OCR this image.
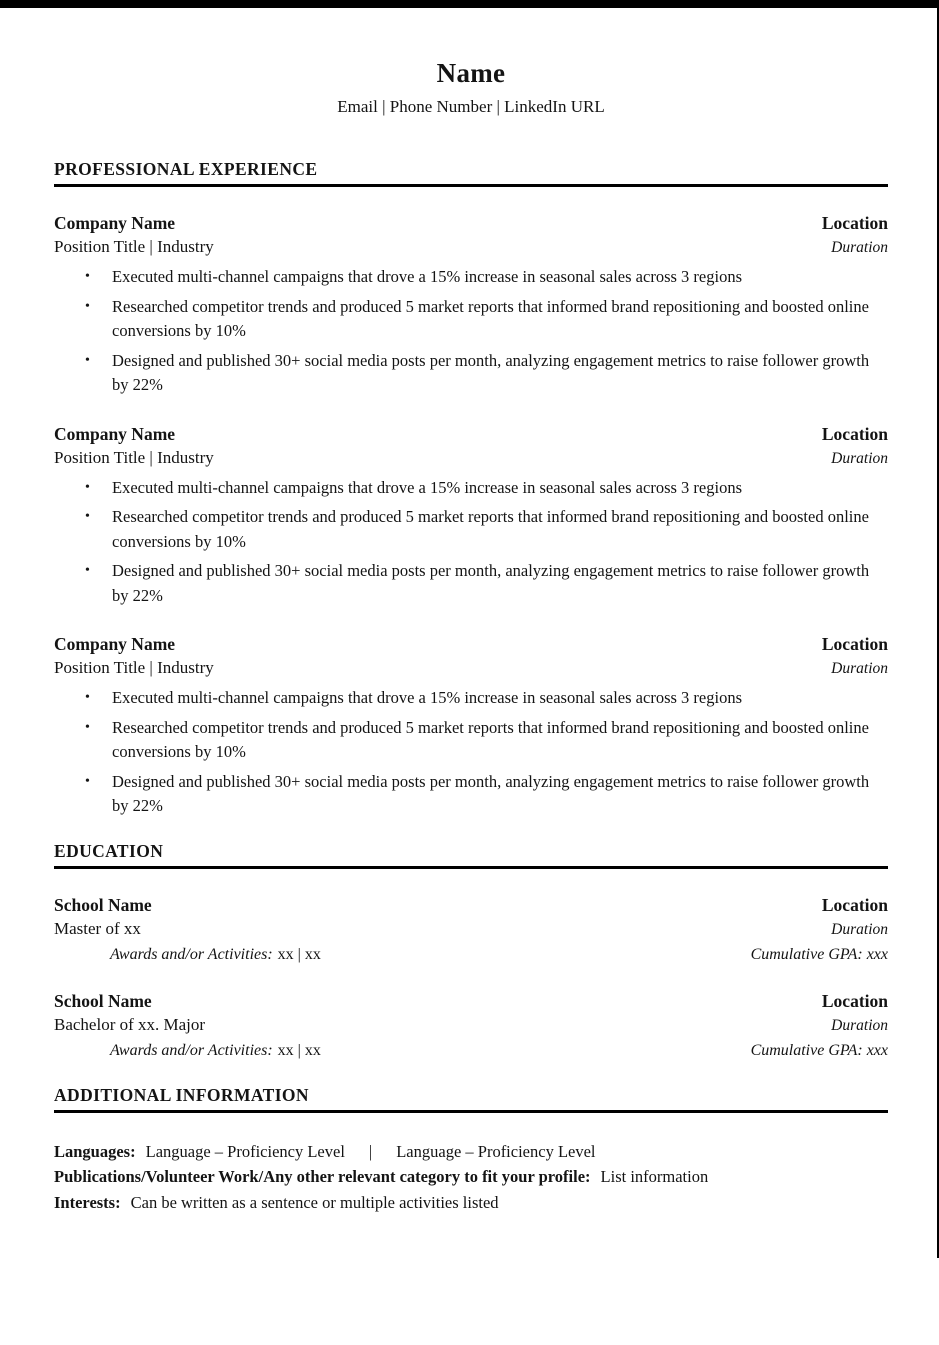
Name
Email | Phone Number | LinkedIn URL
PROFESSIONAL EXPERIENCE
Company Name	Location
Position Title | Industry	Duration
•	Executed multi-channel campaigns that drove a 15% increase in seasonal sales across 3 regions
•	Researched competitor trends and produced 5 market reports that informed brand repositioning and boosted online conversions by 10%
•	Designed and published 30+ social media posts per month, analyzing engagement metrics to raise follower growth by 22%
Company Name	Location
Position Title | Industry	Duration
•	Executed multi-channel campaigns that drove a 15% increase in seasonal sales across 3 regions
•	Researched competitor trends and produced 5 market reports that informed brand repositioning and boosted online conversions by 10%
•	Designed and published 30+ social media posts per month, analyzing engagement metrics to raise follower growth by 22%
Company Name	Location
Position Title | Industry	Duration
•	Executed multi-channel campaigns that drove a 15% increase in seasonal sales across 3 regions
•	Researched competitor trends and produced 5 market reports that informed brand repositioning and boosted online conversions by 10%
•	Designed and published 30+ social media posts per month, analyzing engagement metrics to raise follower growth by 22%
EDUCATION
School Name	Location
Master of xx	Duration
Awards and/or Activities: xx | xx	Cumulative GPA: xxx
School Name	Location
Bachelor of xx. Major	Duration
Awards and/or Activities: xx | xx	Cumulative GPA: xxx
ADDITIONAL INFORMATION
Languages: Language – Proficiency Level | Language – Proficiency Level
Publications/Volunteer Work/Any other relevant category to fit your profile: List information
Interests: Can be written as a sentence or multiple activities listed
